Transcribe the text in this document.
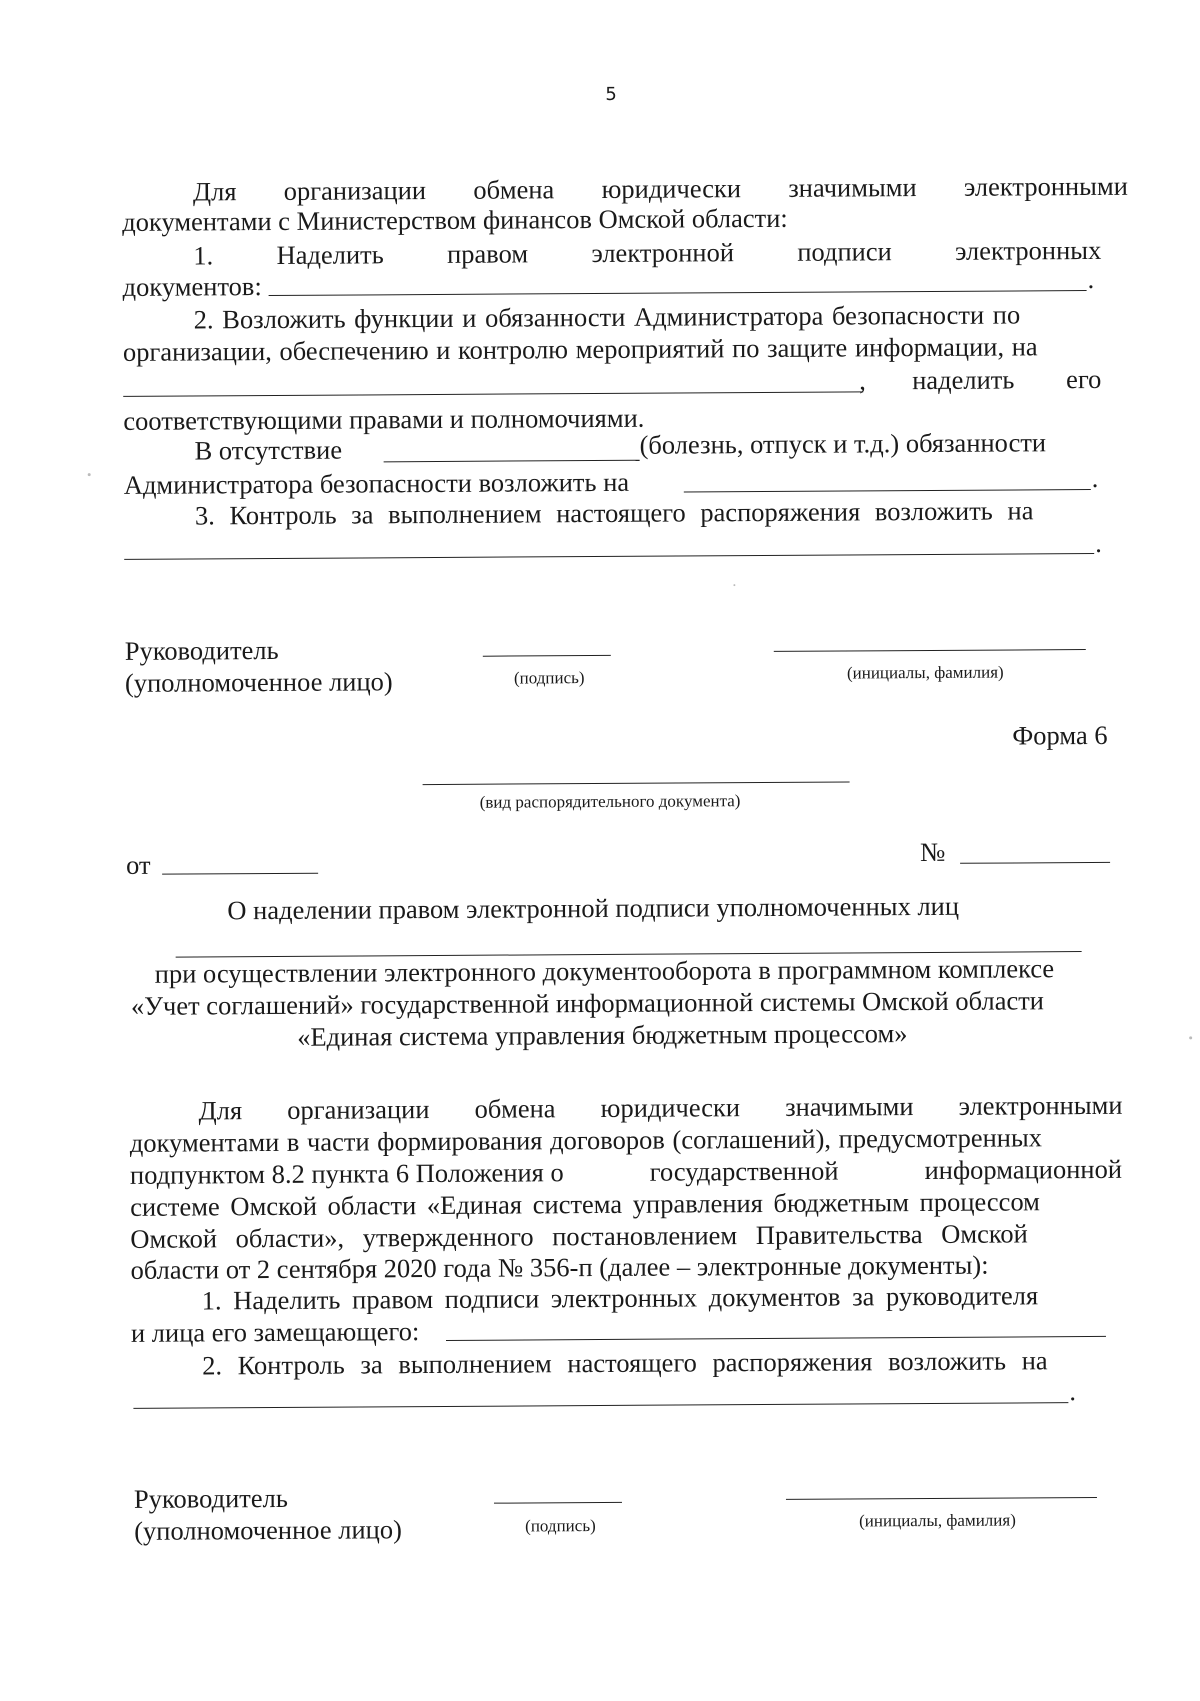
5
Для организации обмена юридически значимыми электронными
документами с Министерством финансов Омской области:
1. Наделить правом электронной подписи электронных
документов:	.
2. Возложить функции и обязанности Администратора безопасности по
организации, обеспечению и контролю мероприятий по защите информации, на
, наделить его
соответствующими правами и полномочиями.
В отсутствие	(болезнь, отпуск и т.д.) обязанности
Администратора безопасности возложить на	.
3. Контроль за выполнением настоящего распоряжения возложить на
.
Руководитель
(уполномоченное лицо)	(подпись)	(инициалы, фамилия)
Форма 6
(вид распорядительного документа)
от	№
О наделении правом электронной подписи уполномоченных лиц
при осуществлении электронного документооборота в программном комплексе
«Учет соглашений» государственной информационной системы Омской области
«Единая система управления бюджетным процессом»
Для организации обмена юридически значимыми электронными
документами в части формирования договоров (соглашений), предусмотренных
подпунктом 8.2 пункта 6 Положения о	государственной	информационной
системе Омской области «Единая система управления бюджетным процессом
Омской области», утвержденного постановлением Правительства Омской
области от 2 сентября 2020 года № 356-п (далее – электронные документы):
1. Наделить правом подписи электронных документов за руководителя
и лица его замещающего:
2. Контроль за выполнением настоящего распоряжения возложить на
.
Руководитель
(уполномоченное лицо)	(подпись)	(инициалы, фамилия)
